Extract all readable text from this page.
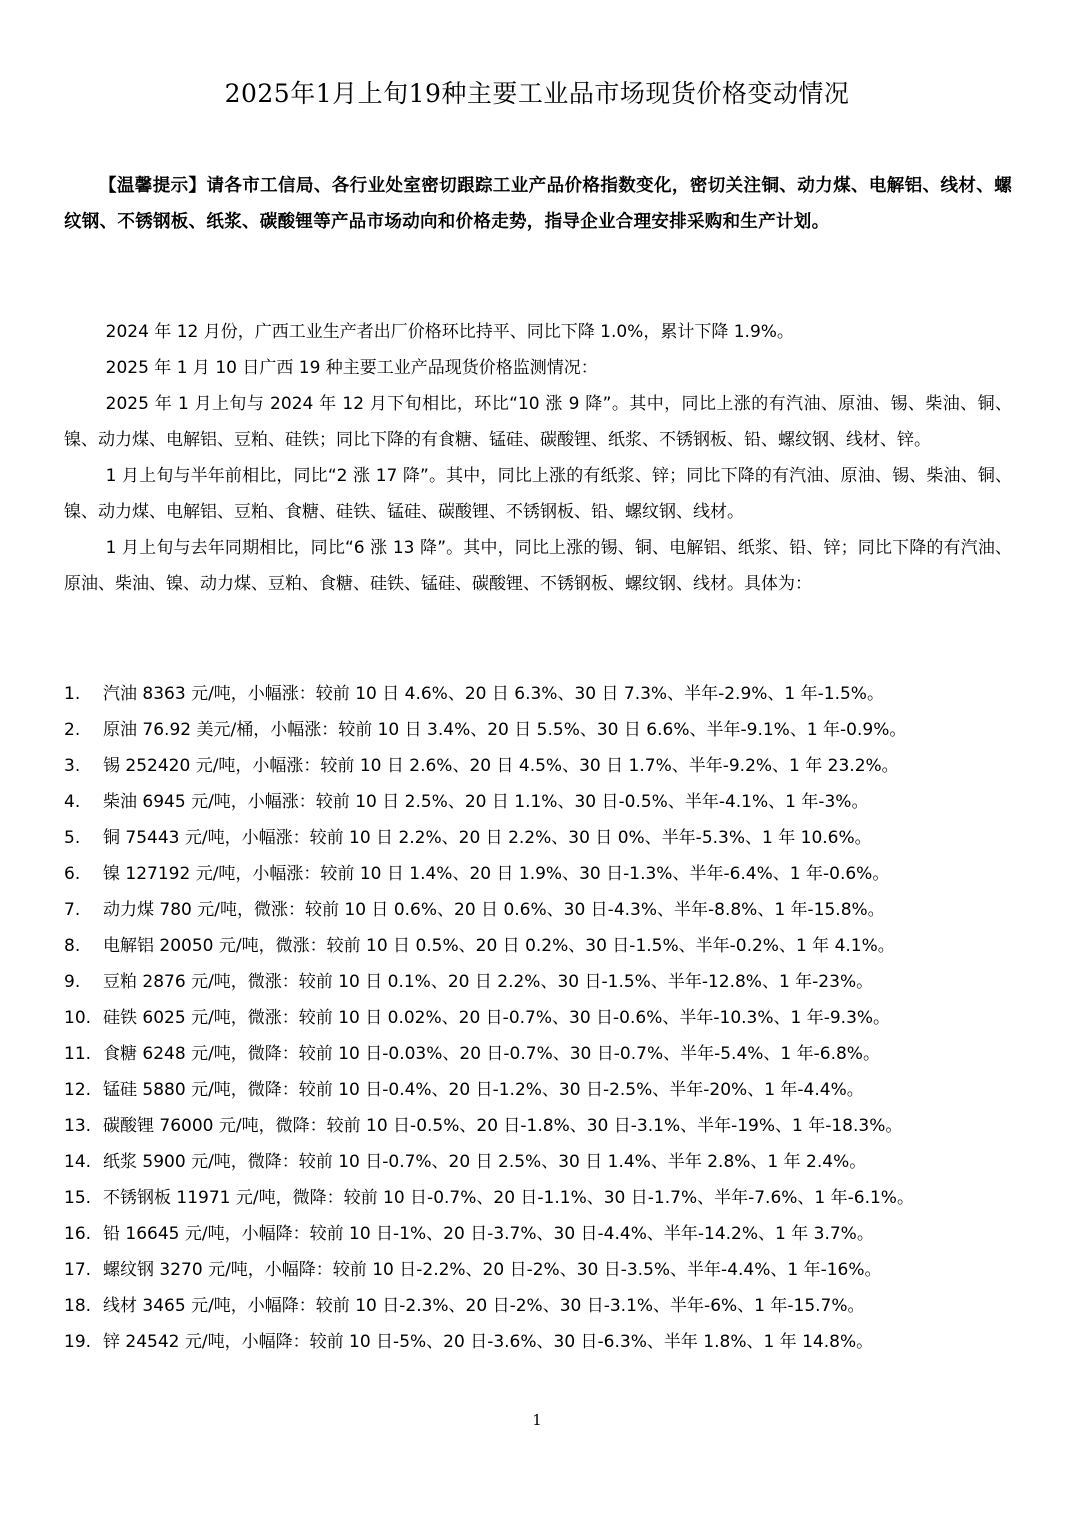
2025年1月上旬19种主要工业品市场现货价格变动情况
【温馨提示】请各市工信局、各行业处室密切跟踪工业产品价格指数变化，密切关注铜、动力煤、电解铝、线材、螺纹钢、不锈钢板、纸浆、碳酸锂等产品市场动向和价格走势，指导企业合理安排采购和生产计划。

2024 年 12 月份，广西工业生产者出厂价格环比持平、同比下降 1.0%，累计下降 1.9%。

2025 年 1 月 10 日广西 19 种主要工业产品现货价格监测情况：

2025 年 1 月上旬与 2024 年 12 月下旬相比，环比“10 涨 9 降”。其中，同比上涨的有汽油、原油、锡、柴油、铜、镍、动力煤、电解铝、豆粕、硅铁；同比下降的有食糖、锰硅、碳酸锂、纸浆、不锈钢板、铅、螺纹钢、线材、锌。

1 月上旬与半年前相比，同比“2 涨 17 降”。其中，同比上涨的有纸浆、锌；同比下降的有汽油、原油、锡、柴油、铜、镍、动力煤、电解铝、豆粕、食糖、硅铁、锰硅、碳酸锂、不锈钢板、铅、螺纹钢、线材。

1 月上旬与去年同期相比，同比“6 涨 13 降”。其中，同比上涨的锡、铜、电解铝、纸浆、铅、锌；同比下降的有汽油、原油、柴油、镍、动力煤、豆粕、食糖、硅铁、锰硅、碳酸锂、不锈钢板、螺纹钢、线材。具体为：

1.	汽油 8363 元/吨，小幅涨：较前 10 日 4.6%、20 日 6.3%、30 日 7.3%、半年-2.9%、1 年-1.5%。
2.	原油 76.92 美元/桶，小幅涨：较前 10 日 3.4%、20 日 5.5%、30 日 6.6%、半年-9.1%、1 年-0.9%。
3.	锡 252420 元/吨，小幅涨：较前 10 日 2.6%、20 日 4.5%、30 日 1.7%、半年-9.2%、1 年 23.2%。
4.	柴油 6945 元/吨，小幅涨：较前 10 日 2.5%、20 日 1.1%、30 日-0.5%、半年-4.1%、1 年-3%。
5.	铜 75443 元/吨，小幅涨：较前 10 日 2.2%、20 日 2.2%、30 日 0%、半年-5.3%、1 年 10.6%。
6.	镍 127192 元/吨，小幅涨：较前 10 日 1.4%、20 日 1.9%、30 日-1.3%、半年-6.4%、1 年-0.6%。
7.	动力煤 780 元/吨，微涨：较前 10 日 0.6%、20 日 0.6%、30 日-4.3%、半年-8.8%、1 年-15.8%。
8.	电解铝 20050 元/吨，微涨：较前 10 日 0.5%、20 日 0.2%、30 日-1.5%、半年-0.2%、1 年 4.1%。
9.	豆粕 2876 元/吨，微涨：较前 10 日 0.1%、20 日 2.2%、30 日-1.5%、半年-12.8%、1 年-23%。
10. 硅铁 6025 元/吨，微涨：较前 10 日 0.02%、20 日-0.7%、30 日-0.6%、半年-10.3%、1 年-9.3%。
11. 食糖 6248 元/吨，微降：较前 10 日-0.03%、20 日-0.7%、30 日-0.7%、半年-5.4%、1 年-6.8%。
12. 锰硅 5880 元/吨，微降：较前 10 日-0.4%、20 日-1.2%、30 日-2.5%、半年-20%、1 年-4.4%。
13. 碳酸锂 76000 元/吨，微降：较前 10 日-0.5%、20 日-1.8%、30 日-3.1%、半年-19%、1 年-18.3%。
14. 纸浆 5900 元/吨，微降：较前 10 日-0.7%、20 日 2.5%、30 日 1.4%、半年 2.8%、1 年 2.4%。
15. 不锈钢板 11971 元/吨，微降：较前 10 日-0.7%、20 日-1.1%、30 日-1.7%、半年-7.6%、1 年-6.1%。
16. 铅 16645 元/吨，小幅降：较前 10 日-1%、20 日-3.7%、30 日-4.4%、半年-14.2%、1 年 3.7%。
17. 螺纹钢 3270 元/吨，小幅降：较前 10 日-2.2%、20 日-2%、30 日-3.5%、半年-4.4%、1 年-16%。
18. 线材 3465 元/吨，小幅降：较前 10 日-2.3%、20 日-2%、30 日-3.1%、半年-6%、1 年-15.7%。
19. 锌 24542 元/吨，小幅降：较前 10 日-5%、20 日-3.6%、30 日-6.3%、半年 1.8%、1 年 14.8%。
1
